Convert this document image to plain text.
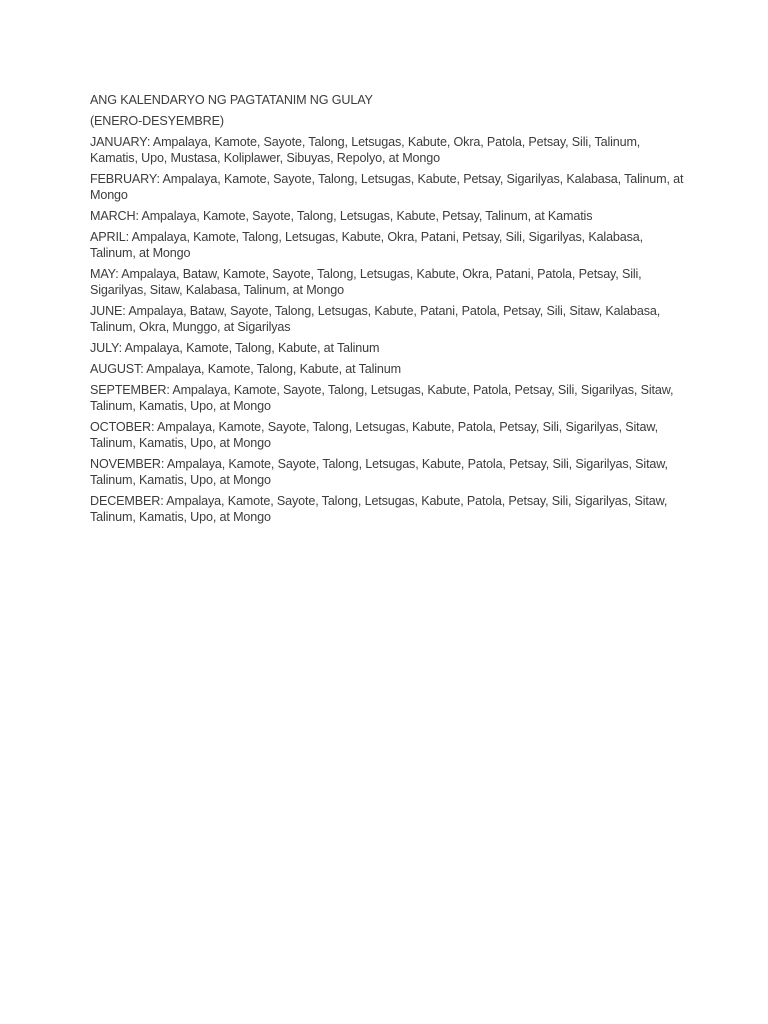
ANG KALENDARYO NG PAGTATANIM NG GULAY

(ENERO-DESYEMBRE)

JANUARY: Ampalaya, Kamote, Sayote, Talong, Letsugas, Kabute, Okra, Patola, Petsay, Sili, Talinum, Kamatis, Upo, Mustasa, Koliplawer, Sibuyas, Repolyo, at Mongo

FEBRUARY: Ampalaya, Kamote, Sayote, Talong, Letsugas, Kabute, Petsay, Sigarilyas, Kalabasa, Talinum, at Mongo

MARCH: Ampalaya, Kamote, Sayote, Talong, Letsugas, Kabute, Petsay, Talinum, at Kamatis

APRIL: Ampalaya, Kamote, Talong, Letsugas, Kabute, Okra, Patani, Petsay, Sili, Sigarilyas, Kalabasa, Talinum, at Mongo

MAY: Ampalaya, Bataw, Kamote, Sayote, Talong, Letsugas, Kabute, Okra, Patani, Patola, Petsay, Sili, Sigarilyas, Sitaw, Kalabasa, Talinum, at Mongo

JUNE: Ampalaya, Bataw, Sayote, Talong, Letsugas, Kabute, Patani, Patola, Petsay, Sili, Sitaw, Kalabasa, Talinum, Okra, Munggo, at Sigarilyas

JULY: Ampalaya, Kamote, Talong, Kabute, at Talinum

AUGUST: Ampalaya, Kamote, Talong, Kabute, at Talinum

SEPTEMBER: Ampalaya, Kamote, Sayote, Talong, Letsugas, Kabute, Patola, Petsay, Sili, Sigarilyas, Sitaw, Talinum, Kamatis, Upo, at Mongo

OCTOBER: Ampalaya, Kamote, Sayote, Talong, Letsugas, Kabute, Patola, Petsay, Sili, Sigarilyas, Sitaw, Talinum, Kamatis, Upo, at Mongo

NOVEMBER: Ampalaya, Kamote, Sayote, Talong, Letsugas, Kabute, Patola, Petsay, Sili, Sigarilyas, Sitaw, Talinum, Kamatis, Upo, at Mongo

DECEMBER: Ampalaya, Kamote, Sayote, Talong, Letsugas, Kabute, Patola, Petsay, Sili, Sigarilyas, Sitaw, Talinum, Kamatis, Upo, at Mongo
